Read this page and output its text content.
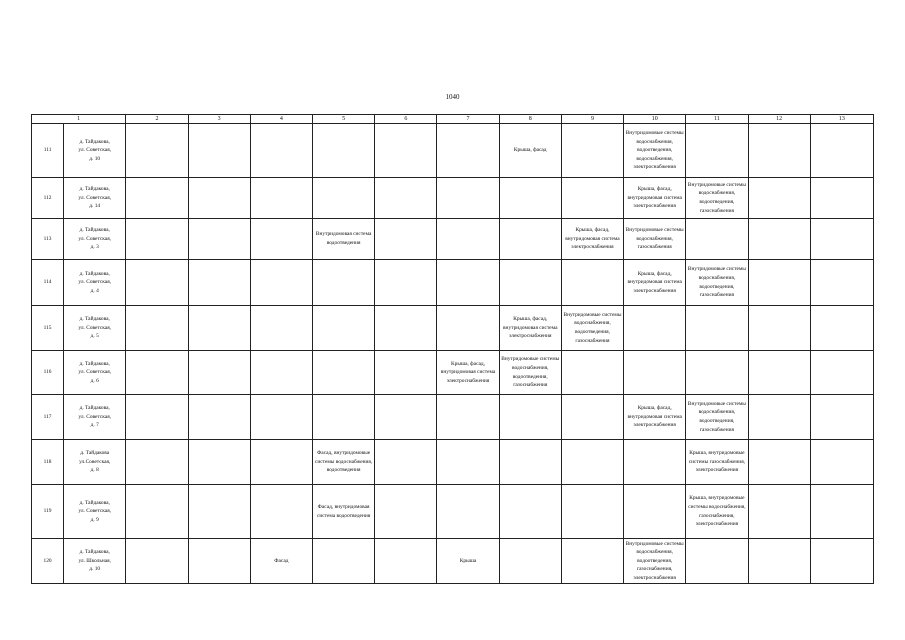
1040
1		2	3	4	5	6	7	8	9	10	11	12	13
111	д. Тайдакова,
ул. Советская,
д. 10							Крыша, фасад		Внутридомовые системы водоснабжения, водоотведения, водоснабжения, электроснабжения			
112	д. Тайдакова,
ул. Советская,
д. 14									Крыша, фасад, внутридомовая система электроснабжения	Внутридомовые системы водоснабжения, водоотведения, газоснабжения		
113	д. Тайдакова,
ул. Советская,
д. 3				Внутридомовая система водоотведения				Крыша, фасад, внутридомовая система электроснабжения	Внутридомовые системы водоснабжения, газоснабжения			
114	д. Тайдакова,
ул. Советская,
д. 4									Крыша, фасад, внутридомовая система электроснабжения	Внутридомовые системы водоснабжения, водоотведения, газоснабжения		
115	д. Тайдакова,
ул. Советская,
д. 5							Крыша, фасад, внутридомовая система электроснабжения	Внутридомовые системы водоснабжения, водоотведения, газоснабжения				
116	д. Тайдакова,
ул. Советская,
д. 6						Крыша, фасад, внутридомовая система электроснабжения	Внутридомовые системы водоснабжения, водоотведения, газоснабжения					
117	д. Тайдакова,
ул. Советская,
д. 7									Крыша, фасад, внутридомовая система электроснабжения	Внутридомовые системы водоснабжения, водоотведения, газоснабжения		
118	д. Тайдакова
ул.Советская,
д. 8				Фасад, внутридомовые системы водоснабжения, водоотведения						Крыша, внутридомовые системы газоснабжения, электроснабжения		
119	д. Тайдакова,
ул. Советская,
д. 9				Фасад, внутридомовая система водоотведения						Крыша, внутридомовые системы водоснабжения, газоснабжения, электроснабжения		
120	д. Тайдакова,
ул. Школьная,
д. 10			Фасад			Крыша			Внутридомовые системы водоснабжения, водоотведения, газоснабжения, электроснабжения			
